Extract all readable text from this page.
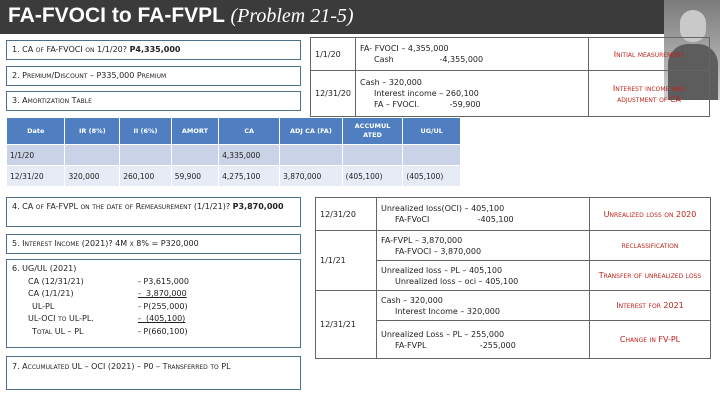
FA-FVOCI to FA-FVPL (Problem 21-5)
1. CA of FA-FVOCI on 1/1/20? P4,335,000
2. Premium/Discount – P335,000 Premium
3. Amortization Table
Date	IR (8%)	II (6%)	AMORT	CA	ADJ CA (FA)	ACCUMUL ATED	UG/UL
1/1/20				4,335,000			
12/31/20	320,000	260,100	59,900	4,275,100	3,870,000	(405,100)	(405,100)
4. CA of FA-FVPL on the date of Remeasurement (1/1/21)? P3,870,000
5. Interest Income (2021)? 4M x 8% = P320,000
6. UG/UL (2021)
CA (12/31/21)	- P3,615,000
CA (1/1/21)	-  3,870,000
UL-PL	- P(255,000)
UL-OCI to UL-PL.	-  (405,100)
Total UL – PL	- P(660,100)
7. Accumulated UL – OCI (2021) – P0 – Transferred to PL
1/1/20	FA- FVOCI – 4,355,000
Cash                  -4,355,000	Initial measurement
12/31/20	Cash – 320,000
Interest income – 260,100
FA – FVOCI.            -59,900	Interest income and adjustment of CA
12/31/20	Unrealized loss(OCI) – 405,100
FA-FVoCI                   -405,100	Unrealized loss on 2020
1/1/21	FA-FVPL – 3,870,000
FA-FVOCI – 3,870,000	reclassification

	Unrealized loss – PL – 405,100
Unrealized loss – oci – 405,100	Transfer of unrealized loss
12/31/21	Cash – 320,000
Interest Income – 320,000	Interest for 2021

	Unrealized Loss – PL – 255,000
FA-FVPL                     -255,000	Change in FV-PL
